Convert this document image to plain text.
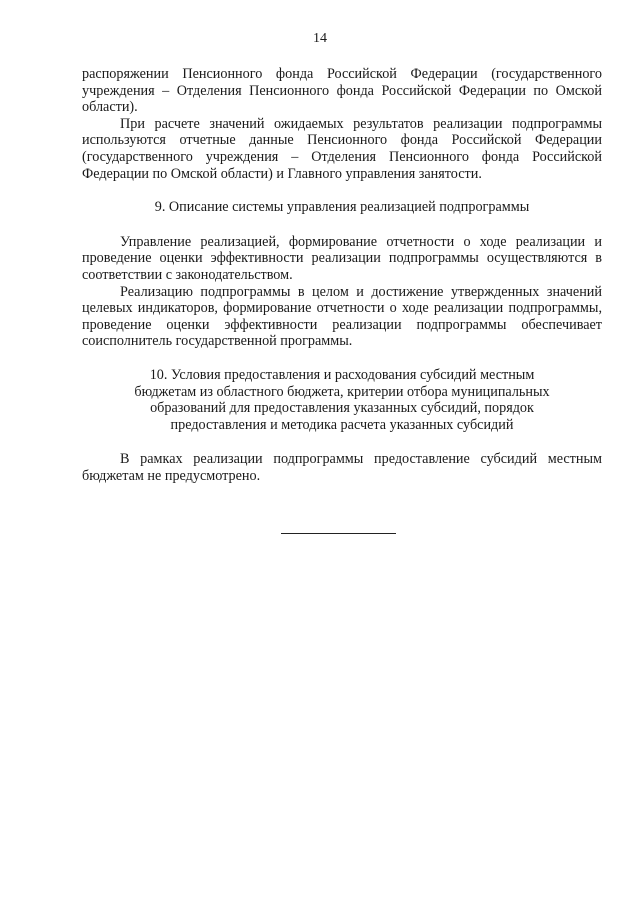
14

распоряжении Пенсионного фонда Российской Федерации (государственного учреждения – Отделения Пенсионного фонда Российской Федерации по Омской области).

При расчете значений ожидаемых результатов реализации подпрограммы используются отчетные данные Пенсионного фонда Российской Федерации (государственного учреждения – Отделения Пенсионного фонда Российской Федерации по Омской области) и Главного управления занятости.

9. Описание системы управления реализацией подпрограммы

Управление реализацией, формирование отчетности о ходе реализации и проведение оценки эффективности реализации подпрограммы осуществляются в соответствии с законодательством.

Реализацию подпрограммы в целом и достижение утвержденных значений целевых индикаторов, формирование отчетности о ходе реализации подпрограммы, проведение оценки эффективности реализации подпрограммы обеспечивает соисполнитель государственной программы.

10. Условия предоставления и расходования субсидий местным

бюджетам из областного бюджета, критерии отбора муниципальных

образований для предоставления указанных субсидий, порядок

предоставления и методика расчета указанных субсидий

В рамках реализации подпрограммы предоставление субсидий местным бюджетам не предусмотрено.
